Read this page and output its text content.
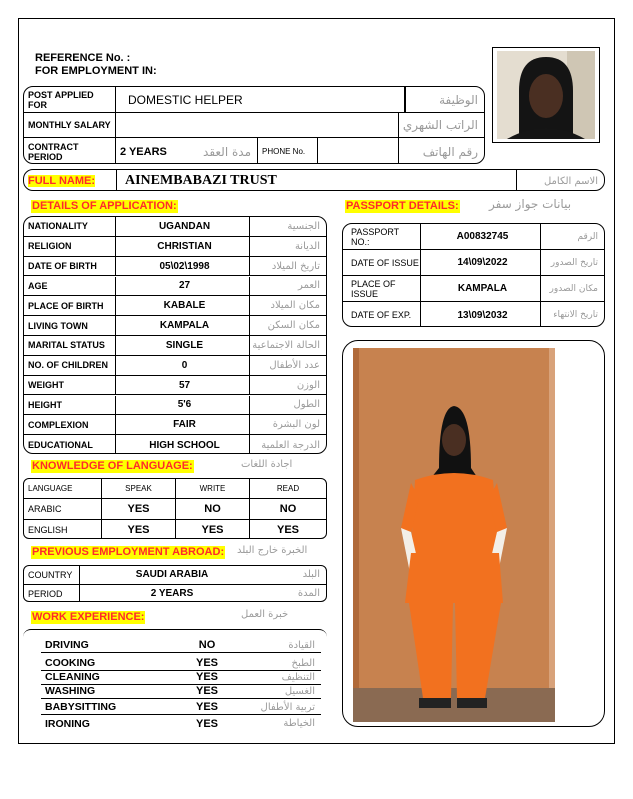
REFERENCE No. :
FOR EMPLOYMENT IN:
POST APPLIED FOR	DOMESTIC HELPER	الوظيفة
MONTHLY SALARY	الراتب الشهري
CONTRACT PERIOD	2 YEARS	مدة العقد	PHONE No.	رقم الهاتف
FULL NAME:	AINEMBABAZI TRUST	الاسم الكامل
DETAILS OF APPLICATION:
NATIONALITY	UGANDAN	الجنسية
RELIGION	CHRISTIAN	الديانة
DATE OF BIRTH	05\02\1998	تاريخ الميلاد
AGE	27	العمر
PLACE OF BIRTH	KABALE	مكان الميلاد
LIVING TOWN	KAMPALA	مكان السكن
MARITAL STATUS	SINGLE	الحالة الاجتماعية
NO. OF CHILDREN	0	عدد الأطفال
WEIGHT	57	الوزن
HEIGHT	5'6	الطول
COMPLEXION	FAIR	لون البشرة
EDUCATIONAL	HIGH SCHOOL	الدرجة العلمية
PASSPORT DETAILS:	بيانات جواز سفر
PASSPORT NO.:	A00832745	الرقم
DATE OF ISSUE	14\09\2022	تاريخ الصدور
PLACE OF ISSUE	KAMPALA	مكان الصدور
DATE OF EXP.	13\09\2032	تاريخ الانتهاء
KNOWLEDGE OF LANGUAGE:	اجادة اللغات
LANGUAGE	SPEAK	WRITE	READ
ARABIC	YES	NO	NO
ENGLISH	YES	YES	YES
PREVIOUS EMPLOYMENT ABROAD: الخبرة خارج البلد
COUNTRY	SAUDI ARABIA	البلد
PERIOD	2 YEARS	المدة
WORK EXPERIENCE:	خبرة العمل
DRIVING	NO	القيادة
COOKING	YES	الطبخ
CLEANING	YES	التنظيف
WASHING	YES	الغسيل
BABYSITTING	YES	تربية الأطفال
IRONING	YES	الخياطة
